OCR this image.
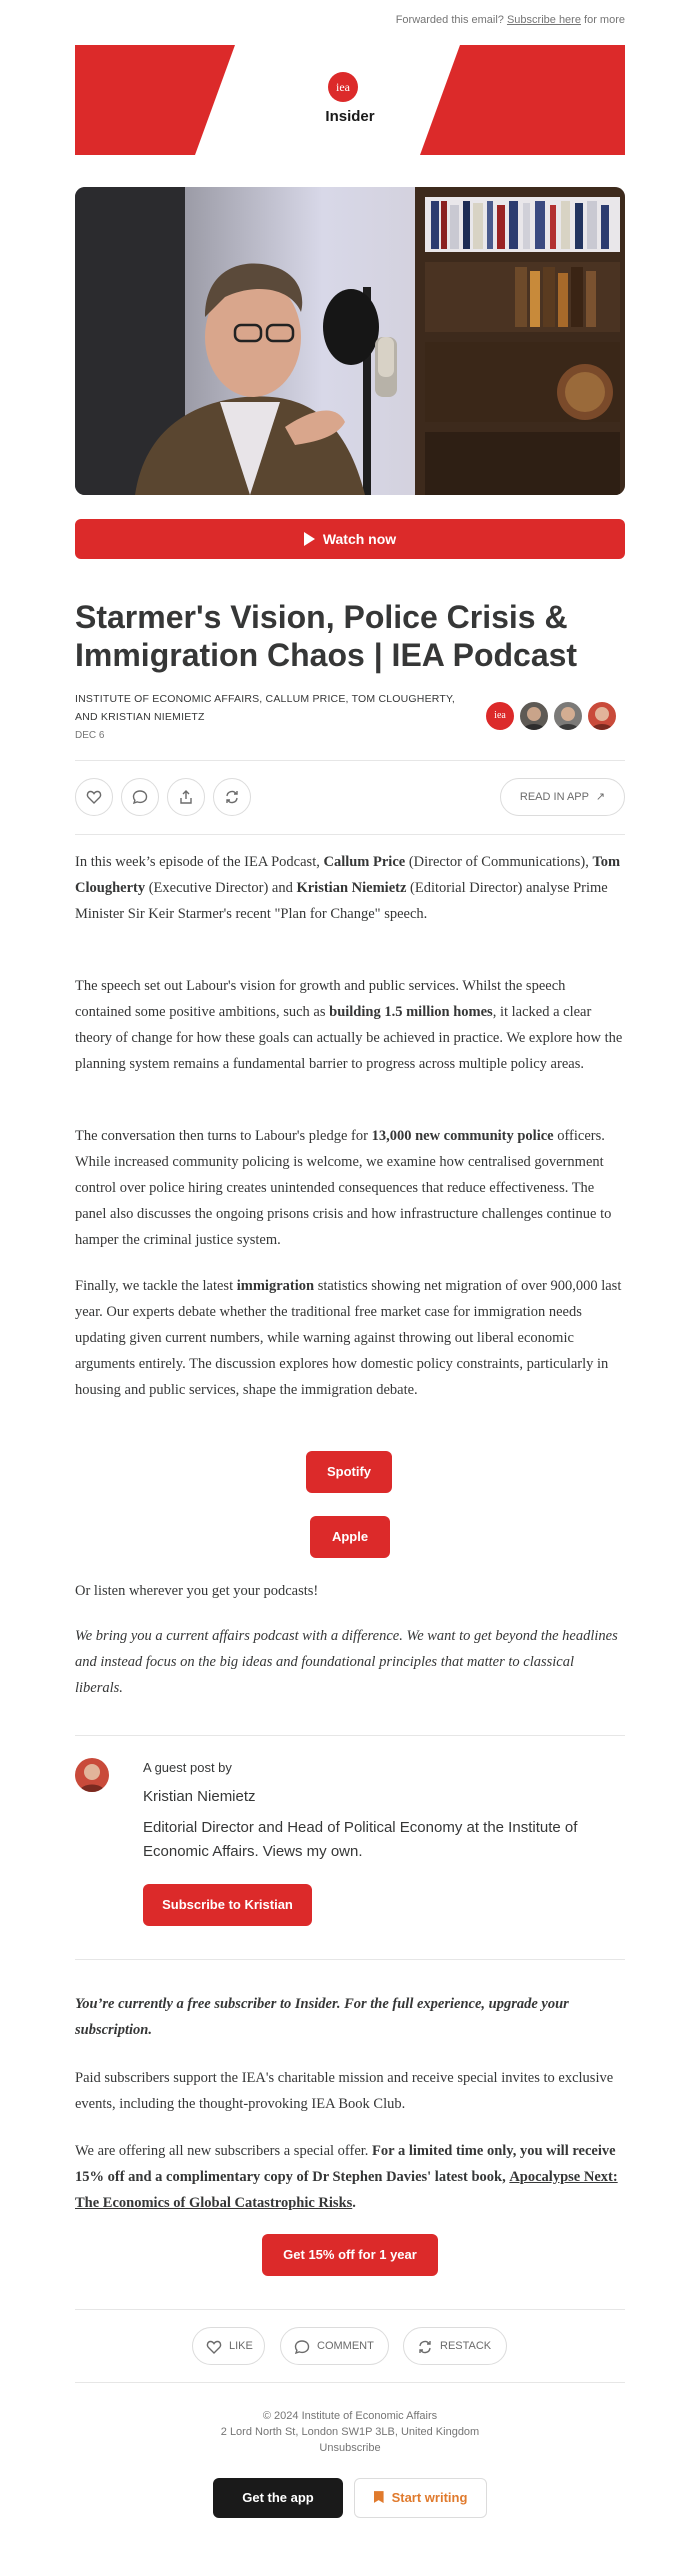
Forwarded this email? Subscribe here for more
iea
Insider
Watch now
Starmer's Vision, Police Crisis & Immigration Chaos | IEA Podcast
INSTITUTE OF ECONOMIC AFFAIRS, CALLUM PRICE, TOM CLOUGHERTY, AND KRISTIAN NIEMIETZ
DEC 6
iea
READ IN APP ↗
In this week’s episode of the IEA Podcast, Callum Price (Director of Communications), Tom Clougherty (Executive Director) and Kristian Niemietz (Editorial Director) analyse Prime Minister Sir Keir Starmer's recent "Plan for Change" speech.
The speech set out Labour's vision for growth and public services. Whilst the speech contained some positive ambitions, such as building 1.5 million homes, it lacked a clear theory of change for how these goals can actually be achieved in practice. We explore how the planning system remains a fundamental barrier to progress across multiple policy areas.
The conversation then turns to Labour's pledge for 13,000 new community police officers. While increased community policing is welcome, we examine how centralised government control over police hiring creates unintended consequences that reduce effectiveness. The panel also discusses the ongoing prisons crisis and how infrastructure challenges continue to hamper the criminal justice system.
Finally, we tackle the latest immigration statistics showing net migration of over 900,000 last year. Our experts debate whether the traditional free market case for immigration needs updating given current numbers, while warning against throwing out liberal economic arguments entirely. The discussion explores how domestic policy constraints, particularly in housing and public services, shape the immigration debate.
Spotify
Apple
Or listen wherever you get your podcasts!
We bring you a current affairs podcast with a difference. We want to get beyond the headlines and instead focus on the big ideas and foundational principles that matter to classical liberals.
A guest post by
Kristian Niemietz
Editorial Director and Head of Political Economy at the Institute of Economic Affairs. Views my own.
Subscribe to Kristian
You’re currently a free subscriber to Insider. For the full experience, upgrade your subscription.
Paid subscribers support the IEA's charitable mission and receive special invites to exclusive events, including the thought-provoking IEA Book Club.
We are offering all new subscribers a special offer. For a limited time only, you will receive 15% off and a complimentary copy of Dr Stephen Davies' latest book, Apocalypse Next: The Economics of Global Catastrophic Risks.
Get 15% off for 1 year
LIKE	COMMENT	RESTACK
© 2024 Institute of Economic Affairs
2 Lord North St, London SW1P 3LB, United Kingdom
Unsubscribe
Get the app	Start writing
